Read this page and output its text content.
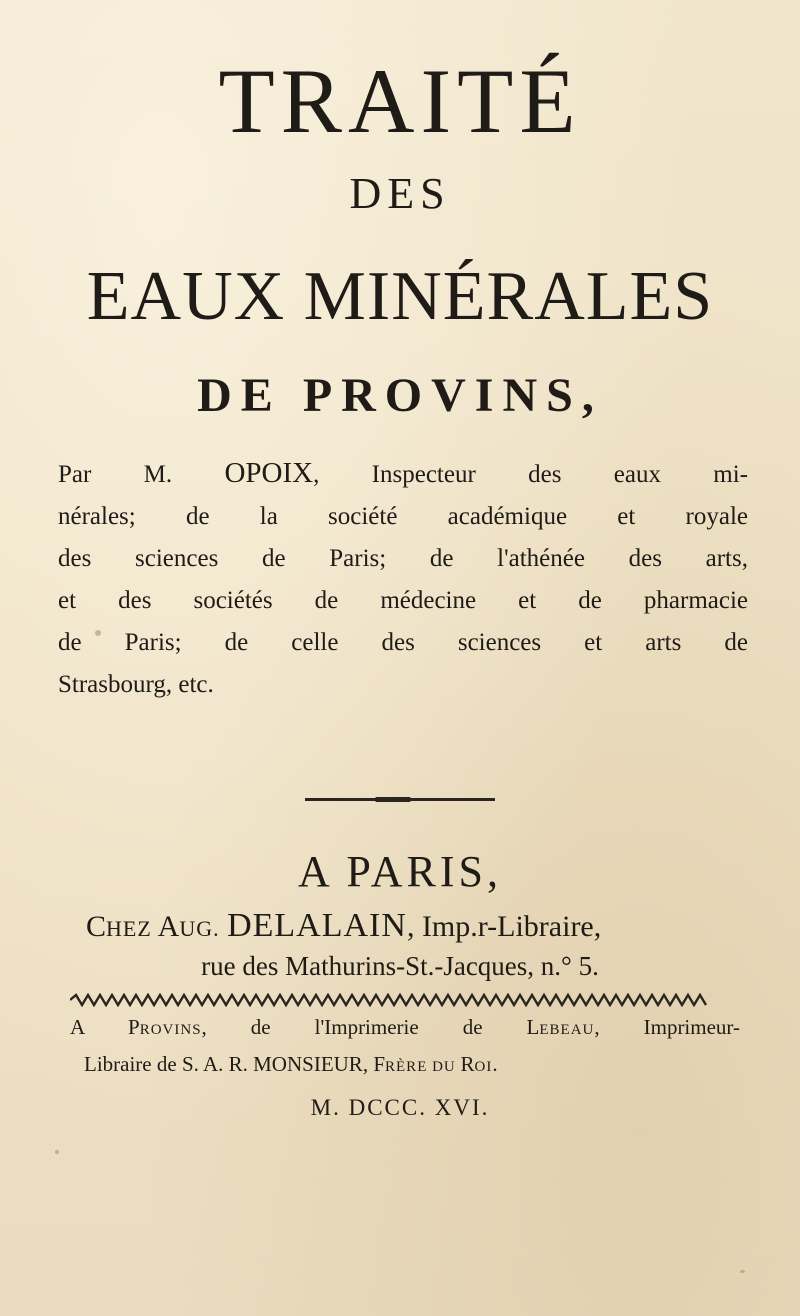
TRAITÉ
DES
EAUX MINÉRALES
DE PROVINS,
Par M. OPOIX, Inspecteur des eaux mi-
nérales; de la société académique et royale
des sciences de Paris; de l'athénée des arts,
et des sociétés de médecine et de pharmacie
de Paris; de celle des sciences et arts de
Strasbourg, etc.
A PARIS,
CHEZ AUG. DELALAIN, Imp.r-Libraire,
rue des Mathurins-St.-Jacques, n.° 5.
A PROVINS, de l'Imprimerie de LEBEAU, Imprimeur-
Libraire de S. A. R. MONSIEUR, FRÈRE DU ROI.
M. DCCC. XVI.
